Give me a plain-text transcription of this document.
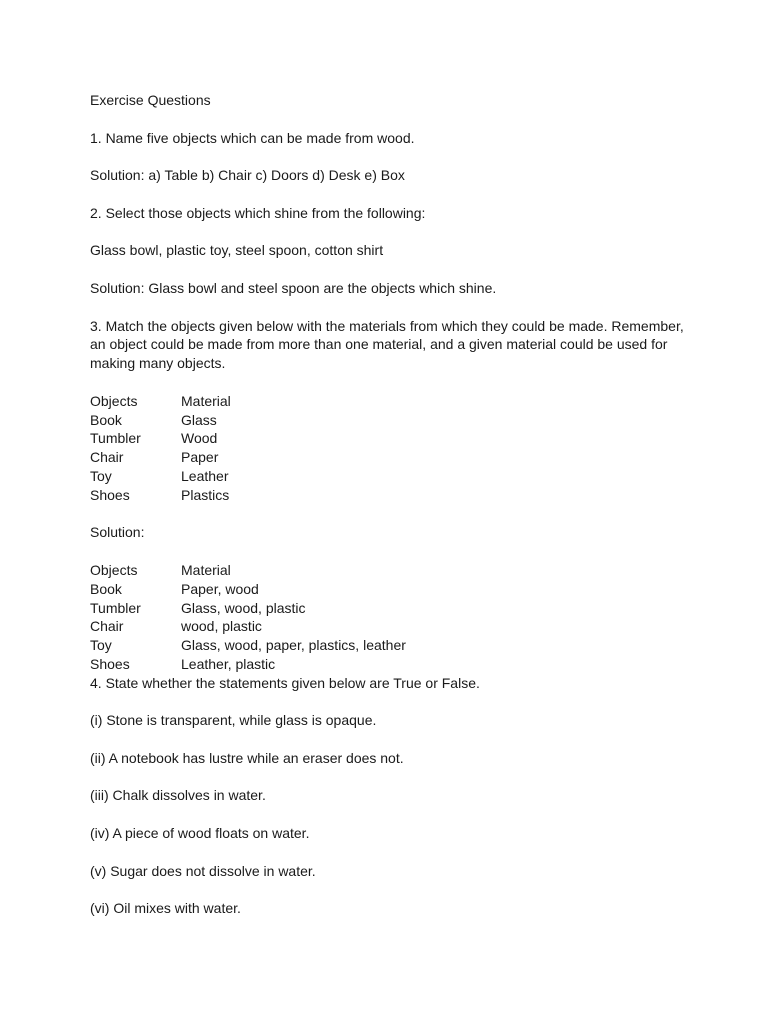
Exercise Questions
1. Name five objects which can be made from wood.
Solution: a) Table b) Chair c) Doors d) Desk e) Box
2. Select those objects which shine from the following:
Glass bowl, plastic toy, steel spoon, cotton shirt
Solution: Glass bowl and steel spoon are the objects which shine.
3. Match the objects given below with the materials from which they could be made. Remember,
an object could be made from more than one material, and a given material could be used for
making many objects.
Objects	Material
Book	Glass
Tumbler	Wood
Chair	Paper
Toy	Leather
Shoes	Plastics
Solution:
Objects	Material
Book	Paper, wood
Tumbler	Glass, wood, plastic
Chair	wood, plastic
Toy	Glass, wood, paper, plastics, leather
Shoes	Leather, plastic
4. State whether the statements given below are True or False.
(i) Stone is transparent, while glass is opaque.
(ii) A notebook has lustre while an eraser does not.
(iii) Chalk dissolves in water.
(iv) A piece of wood floats on water.
(v) Sugar does not dissolve in water.
(vi) Oil mixes with water.
